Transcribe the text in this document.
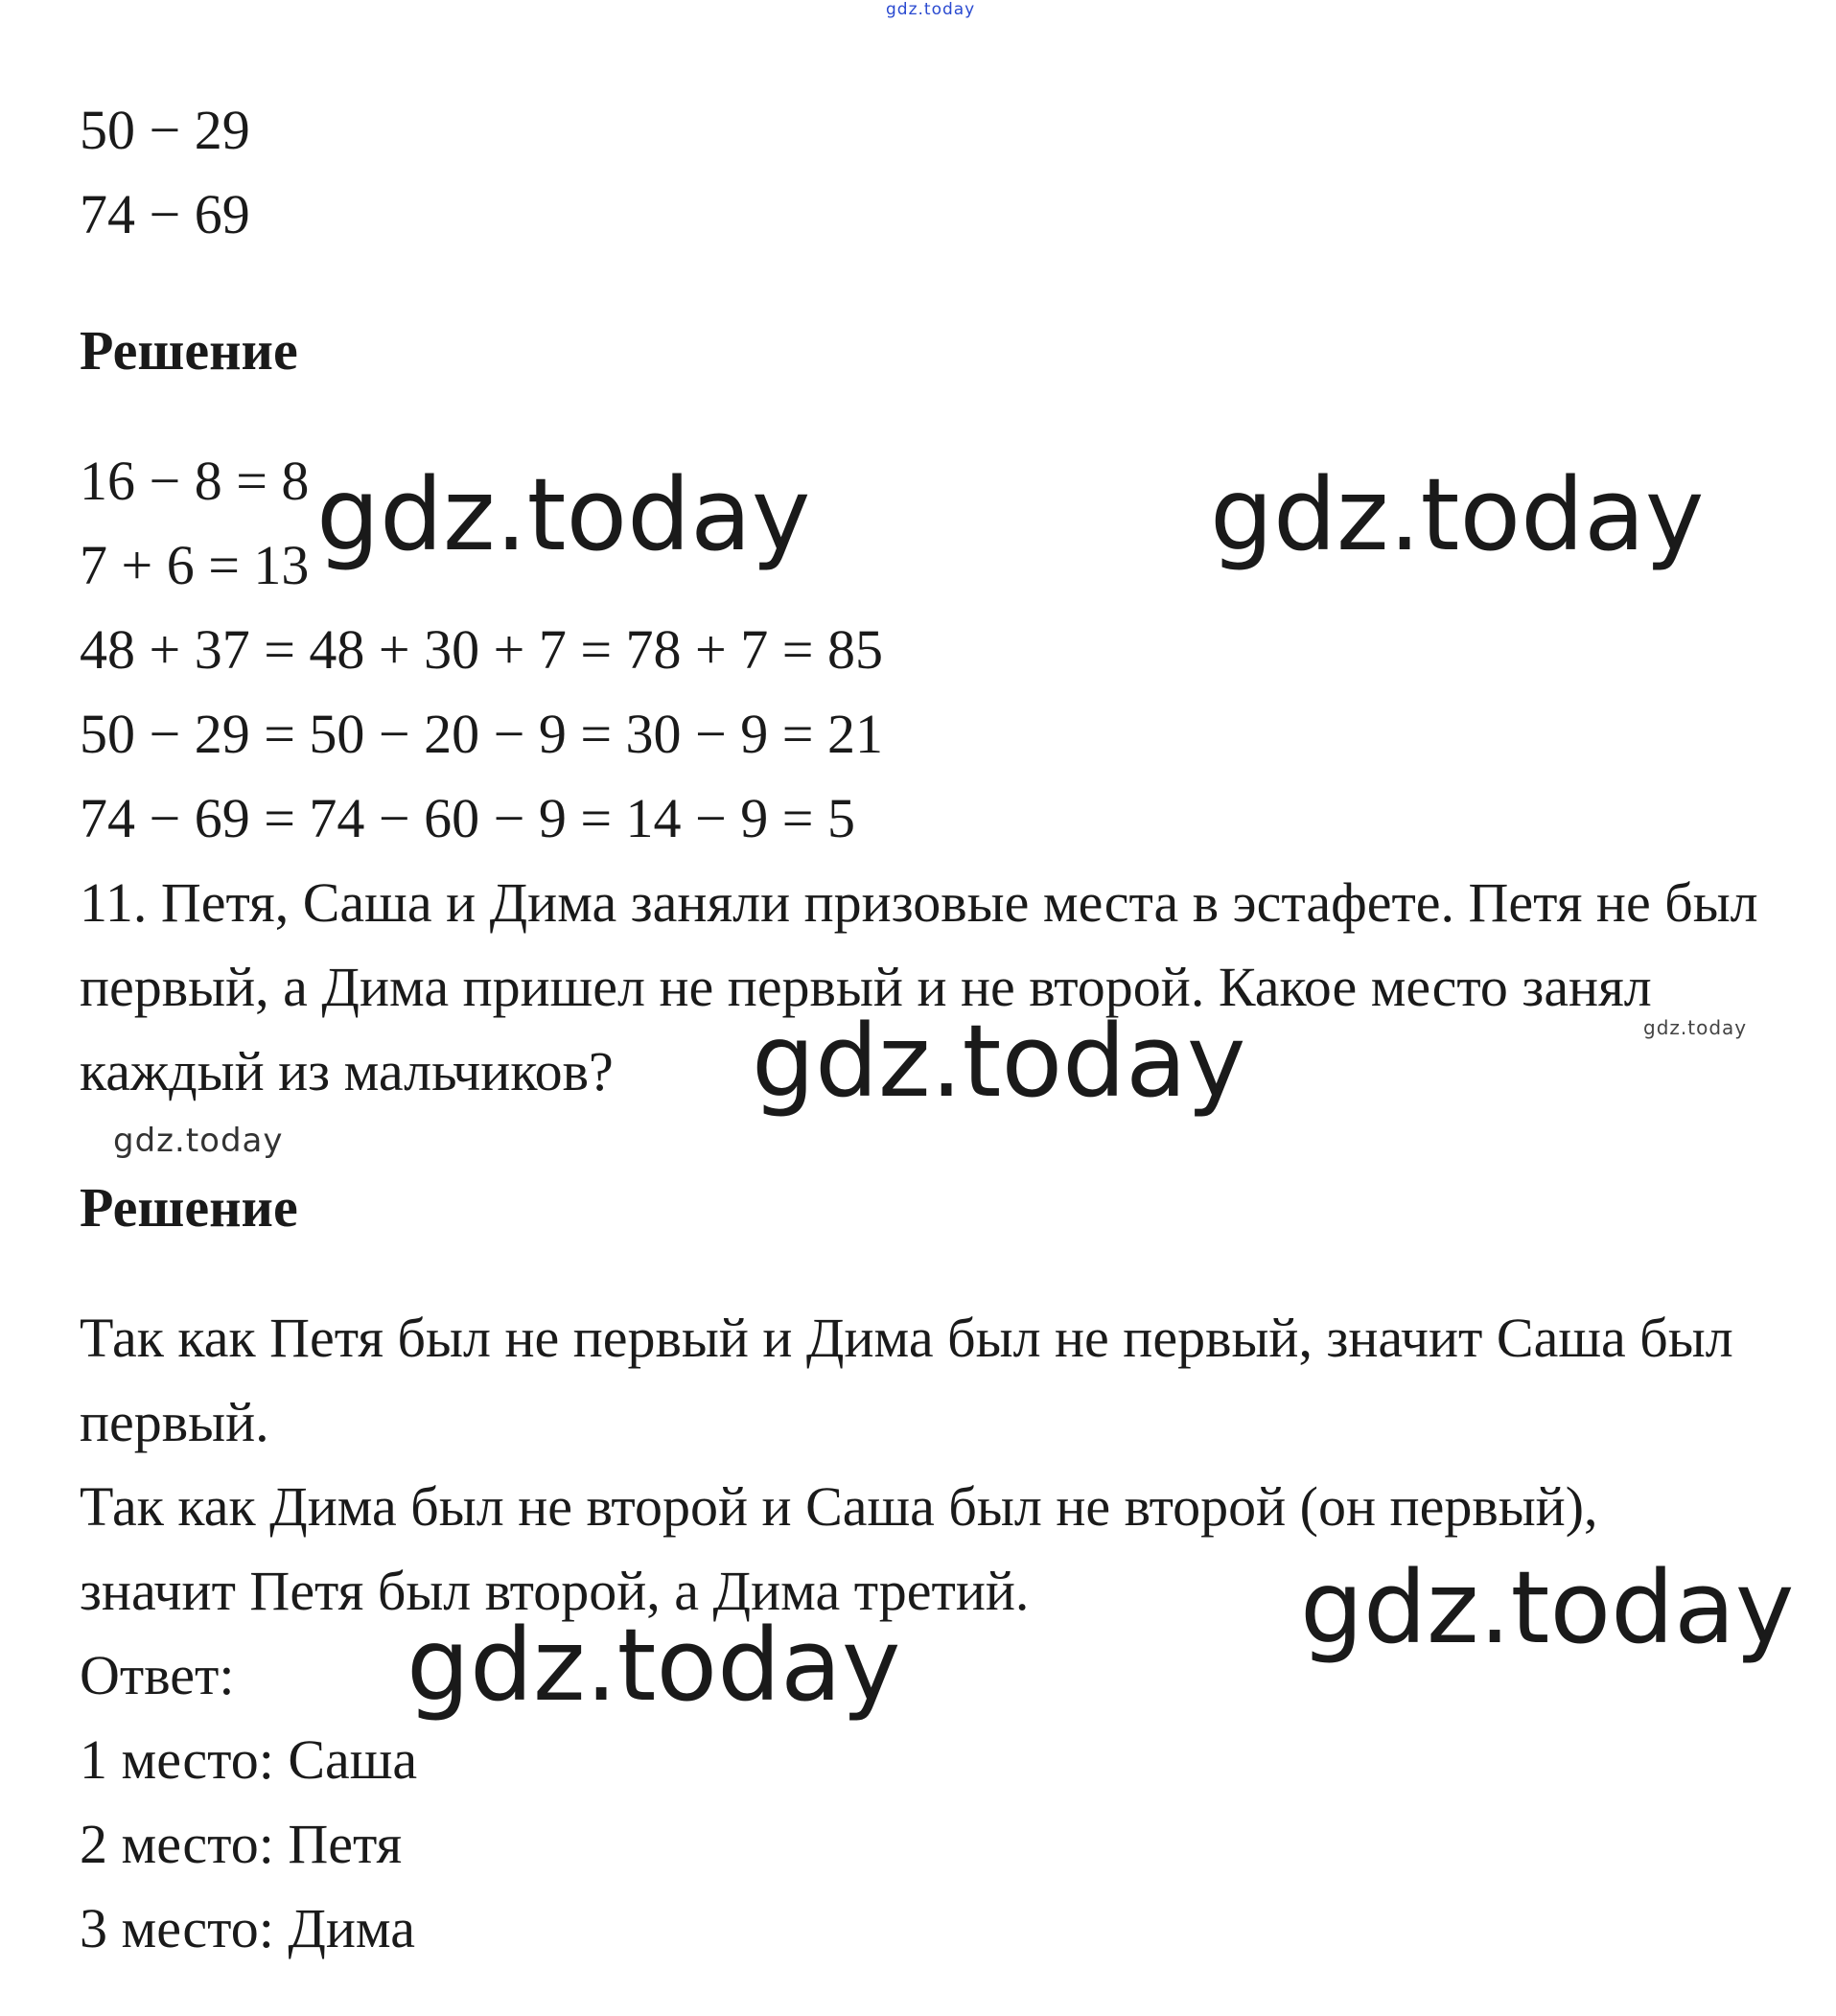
gdz.today
gdz.today	gdz.today
gdz.today
gdz.today
gdz.today
gdz.today
gdz.today
50 − 29
74 − 69
Решение
16 − 8 = 8
7 + 6 = 13
48 + 37 = 48 + 30 + 7 = 78 + 7 = 85
50 − 29 = 50 − 20 − 9 = 30 − 9 = 21
74 − 69 = 74 − 60 − 9 = 14 − 9 = 5
11. Петя, Саша и Дима заняли призовые места в эстафете. Петя не был
первый, а Дима пришел не первый и не второй. Какое место занял
каждый из мальчиков?
Решение
Так как Петя был не первый и Дима был не первый, значит Саша был
первый.
Так как Дима был не второй и Саша был не второй (он первый),
значит Петя был второй, а Дима третий.
Ответ:
1 место: Саша
2 место: Петя
3 место: Дима
